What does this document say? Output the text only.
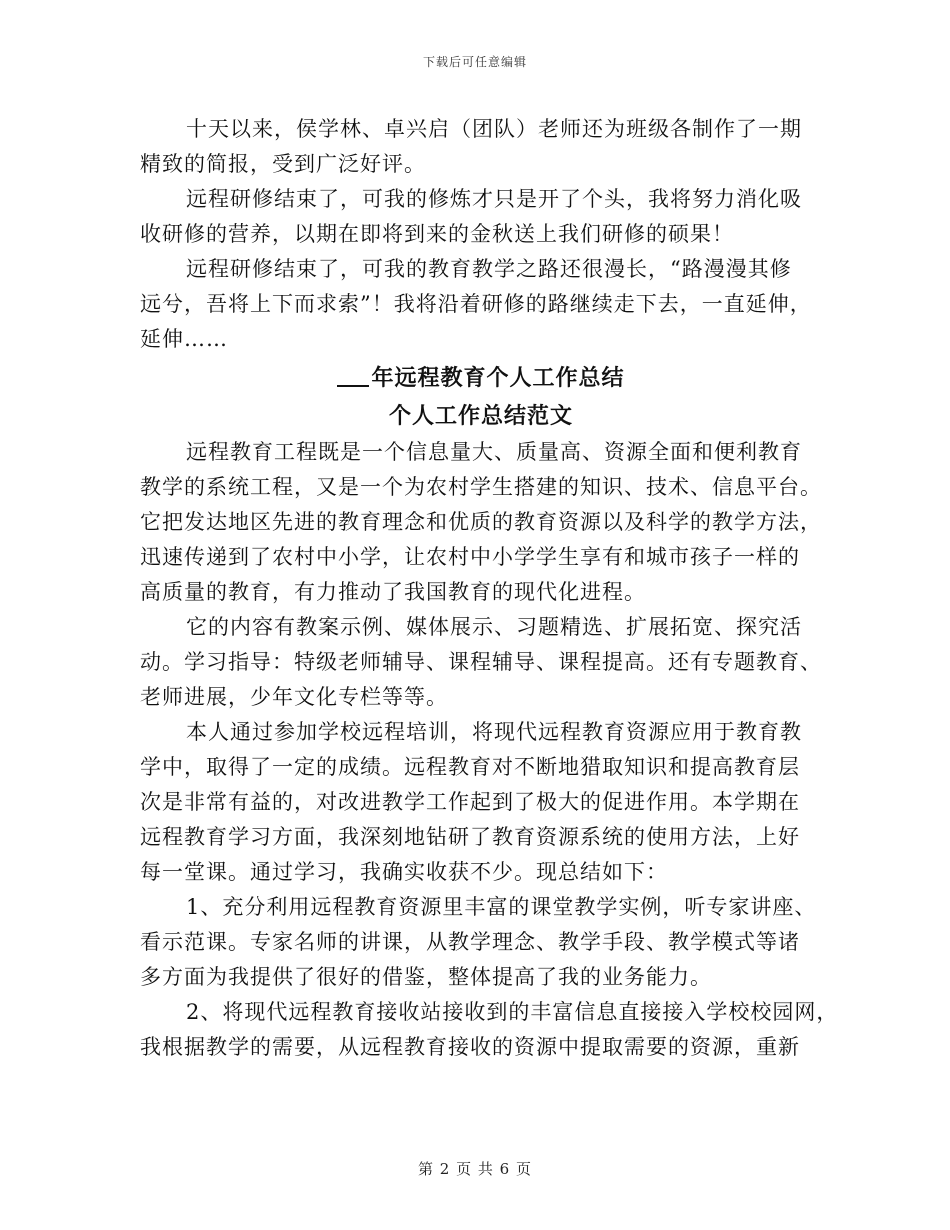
下载后可任意编辑

十天以来，侯学林、卓兴启（团队）老师还为班级各制作了一期
精致的简报，受到广泛好评。

远程研修结束了，可我的修炼才只是开了个头，我将努力消化吸
收研修的营养，以期在即将到来的金秋送上我们研修的硕果！

远程研修结束了，可我的教育教学之路还很漫长，“路漫漫其修
远兮，吾将上下而求索”！我将沿着研修的路继续走下去，一直延伸，
延伸……

年远程教育个人工作总结

个人工作总结范文

远程教育工程既是一个信息量大、质量高、资源全面和便利教育
教学的系统工程，又是一个为农村学生搭建的知识、技术、信息平台。
它把发达地区先进的教育理念和优质的教育资源以及科学的教学方法，
迅速传递到了农村中小学，让农村中小学学生享有和城市孩子一样的
高质量的教育，有力推动了我国教育的现代化进程。

它的内容有教案示例、媒体展示、习题精选、扩展拓宽、探究活
动。学习指导：特级老师辅导、课程辅导、课程提高。还有专题教育、
老师进展，少年文化专栏等等。

本人通过参加学校远程培训，将现代远程教育资源应用于教育教
学中，取得了一定的成绩。远程教育对不断地猎取知识和提高教育层
次是非常有益的，对改进教学工作起到了极大的促进作用。本学期在
远程教育学习方面，我深刻地钻研了教育资源系统的使用方法，上好
每一堂课。通过学习，我确实收获不少。现总结如下：

1、充分利用远程教育资源里丰富的课堂教学实例，听专家讲座、
看示范课。专家名师的讲课，从教学理念、教学手段、教学模式等诸
多方面为我提供了很好的借鉴，整体提高了我的业务能力。

2、将现代远程教育接收站接收到的丰富信息直接接入学校校园网，
我根据教学的需要，从远程教育接收的资源中提取需要的资源，重新

第 2 页 共 6 页
